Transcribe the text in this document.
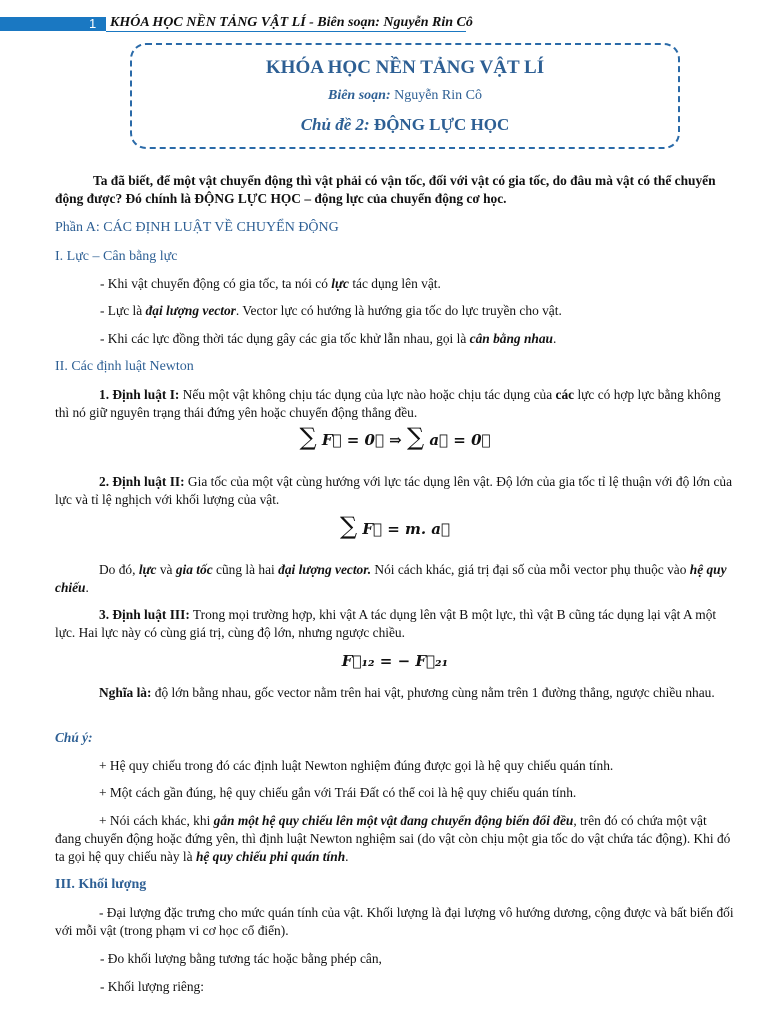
1 KHÓA HỌC NỀN TẢNG VẬT LÍ - Biên soạn: Nguyễn Rin Cô
KHÓA HỌC NỀN TẢNG VẬT LÍ
Biên soạn: Nguyễn Rin Cô
Chủ đề 2: ĐỘNG LỰC HỌC

Ta đã biết, để một vật chuyển động thì vật phải có vận tốc, đối với vật có gia tốc, do đâu mà vật có thể chuyển động được? Đó chính là ĐỘNG LỰC HỌC – động lực của chuyển động cơ học.

Phần A: CÁC ĐỊNH LUẬT VỀ CHUYỂN ĐỘNG

I. Lực – Cân bằng lực

- Khi vật chuyển động có gia tốc, ta nói có lực tác dụng lên vật.

- Lực là đại lượng vector. Vector lực có hướng là hướng gia tốc do lực truyền cho vật.

- Khi các lực đồng thời tác dụng gây các gia tốc khử lẫn nhau, gọi là cân bằng nhau.

II. Các định luật Newton

1. Định luật I: Nếu một vật không chịu tác dụng của lực nào hoặc chịu tác dụng của các lực có hợp lực bằng không thì nó giữ nguyên trạng thái đứng yên hoặc chuyển động thẳng đều.

∑ F⃗ = 0⃗ ⇒ ∑ a⃗ = 0⃗

2. Định luật II: Gia tốc của một vật cùng hướng với lực tác dụng lên vật. Độ lớn của gia tốc tỉ lệ thuận với độ lớn của lực và tỉ lệ nghịch với khối lượng của vật.

∑ F⃗ = m. a⃗

Do đó, lực và gia tốc cũng là hai đại lượng vector. Nói cách khác, giá trị đại số của mỗi vector phụ thuộc vào hệ quy chiếu.

3. Định luật III: Trong mọi trường hợp, khi vật A tác dụng lên vật B một lực, thì vật B cũng tác dụng lại vật A một lực. Hai lực này có cùng giá trị, cùng độ lớn, nhưng ngược chiều.

F⃗₁₂ = − F⃗₂₁

Nghĩa là: độ lớn bằng nhau, gốc vector nằm trên hai vật, phương cùng nằm trên 1 đường thẳng, ngược chiều nhau.

Chú ý:

+ Hệ quy chiếu trong đó các định luật Newton nghiệm đúng được gọi là hệ quy chiếu quán tính.

+ Một cách gần đúng, hệ quy chiếu gắn với Trái Đất có thể coi là hệ quy chiếu quán tính.

+ Nói cách khác, khi gắn một hệ quy chiếu lên một vật đang chuyển động biến đổi đều, trên đó có chứa một vật đang chuyển động hoặc đứng yên, thì định luật Newton nghiệm sai (do vật còn chịu một gia tốc do vật chứa tác động). Khi đó ta gọi hệ quy chiếu này là hệ quy chiếu phi quán tính.

III. Khối lượng

- Đại lượng đặc trưng cho mức quán tính của vật. Khối lượng là đại lượng vô hướng dương, cộng được và bất biến đối với mỗi vật (trong phạm vi cơ học cổ điển).

- Đo khối lượng bằng tương tác hoặc bằng phép cân,

- Khối lượng riêng:
